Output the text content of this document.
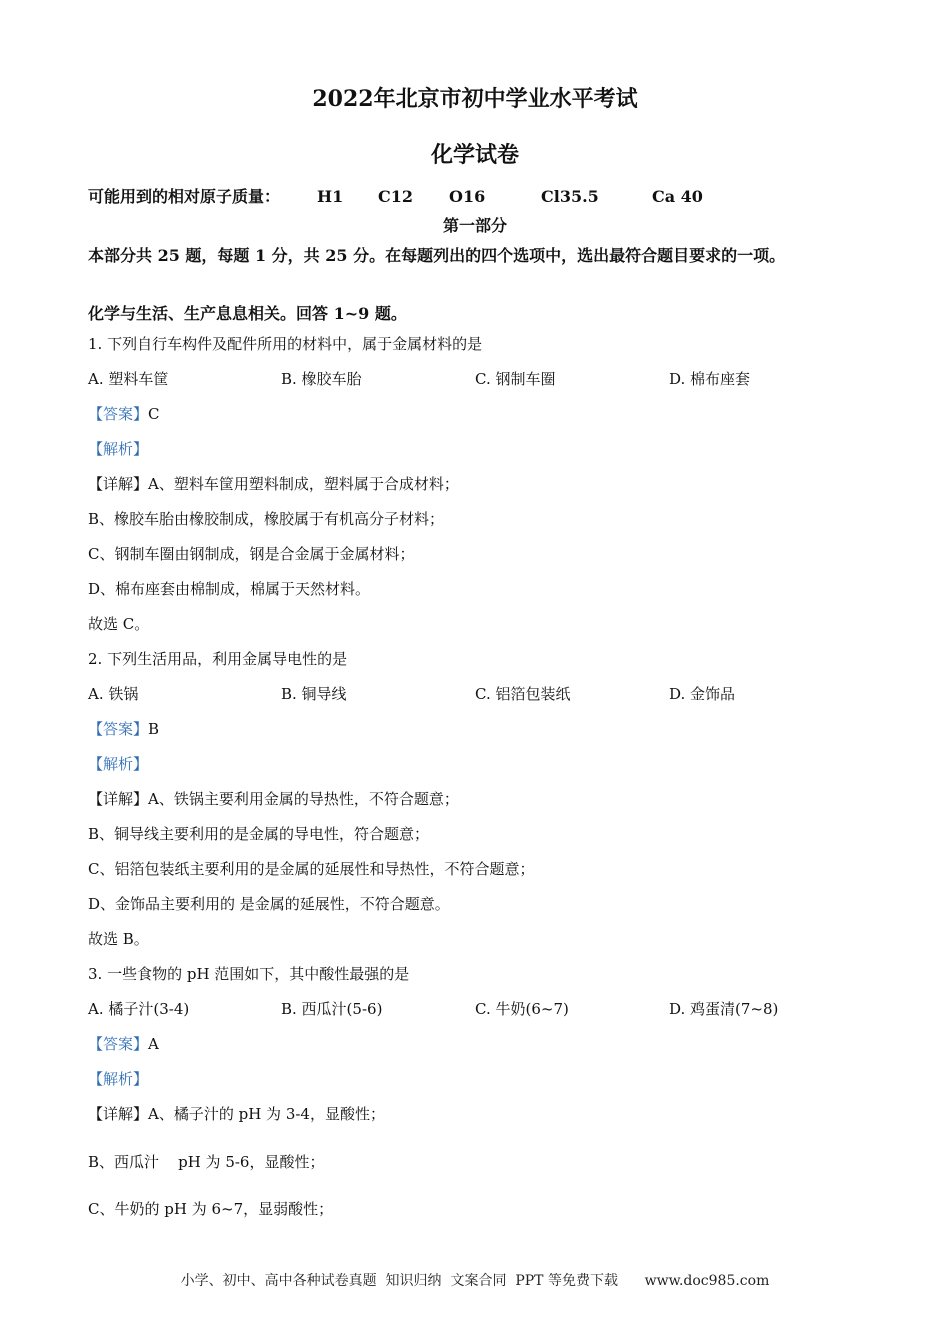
2022年北京市初中学业水平考试
化学试卷
可能用到的相对原子质量： H1 C12 O16	Cl35.5	Ca 40
第一部分
本部分共 25 题，每题 1 分，共 25 分。在每题列出的四个选项中，选出最符合题目要求的一项。
化学与生活、生产息息相关。回答 1~9 题。
1. 下列自行车构件及配件所用的材料中，属于金属材料的是
A. 塑料车筐	B. 橡胶车胎	C. 钢制车圈	D. 棉布座套
【答案】C
【解析】
【详解】A、塑料车筐用塑料制成，塑料属于合成材料；
B、橡胶车胎由橡胶制成，橡胶属于有机高分子材料；
C、钢制车圈由钢制成，钢是合金属于金属材料；
D、棉布座套由棉制成，棉属于天然材料。
故选 C。
2. 下列生活用品，利用金属导电性的是
A. 铁锅	B. 铜导线	C. 铝箔包装纸	D. 金饰品
【答案】B
【解析】
【详解】A、铁锅主要利用金属的导热性，不符合题意；
B、铜导线主要利用的是金属的导电性，符合题意；
C、铝箔包装纸主要利用的是金属的延展性和导热性，不符合题意；
D、金饰品主要利用的 是金属的延展性，不符合题意。
故选 B。
3. 一些食物的 pH 范围如下，其中酸性最强的是
A. 橘子汁(3-4)	B. 西瓜汁(5-6)	C. 牛奶(6~7)	D. 鸡蛋清(7~8)
【答案】A
【解析】
【详解】A、橘子汁的 pH 为 3-4，显酸性；
B、西瓜汁    pH 为 5-6，显酸性；
C、牛奶的 pH 为 6~7，显弱酸性；
小学、初中、高中各种试卷真题  知识归纳  文案合同  PPT 等免费下载      www.doc985.com
